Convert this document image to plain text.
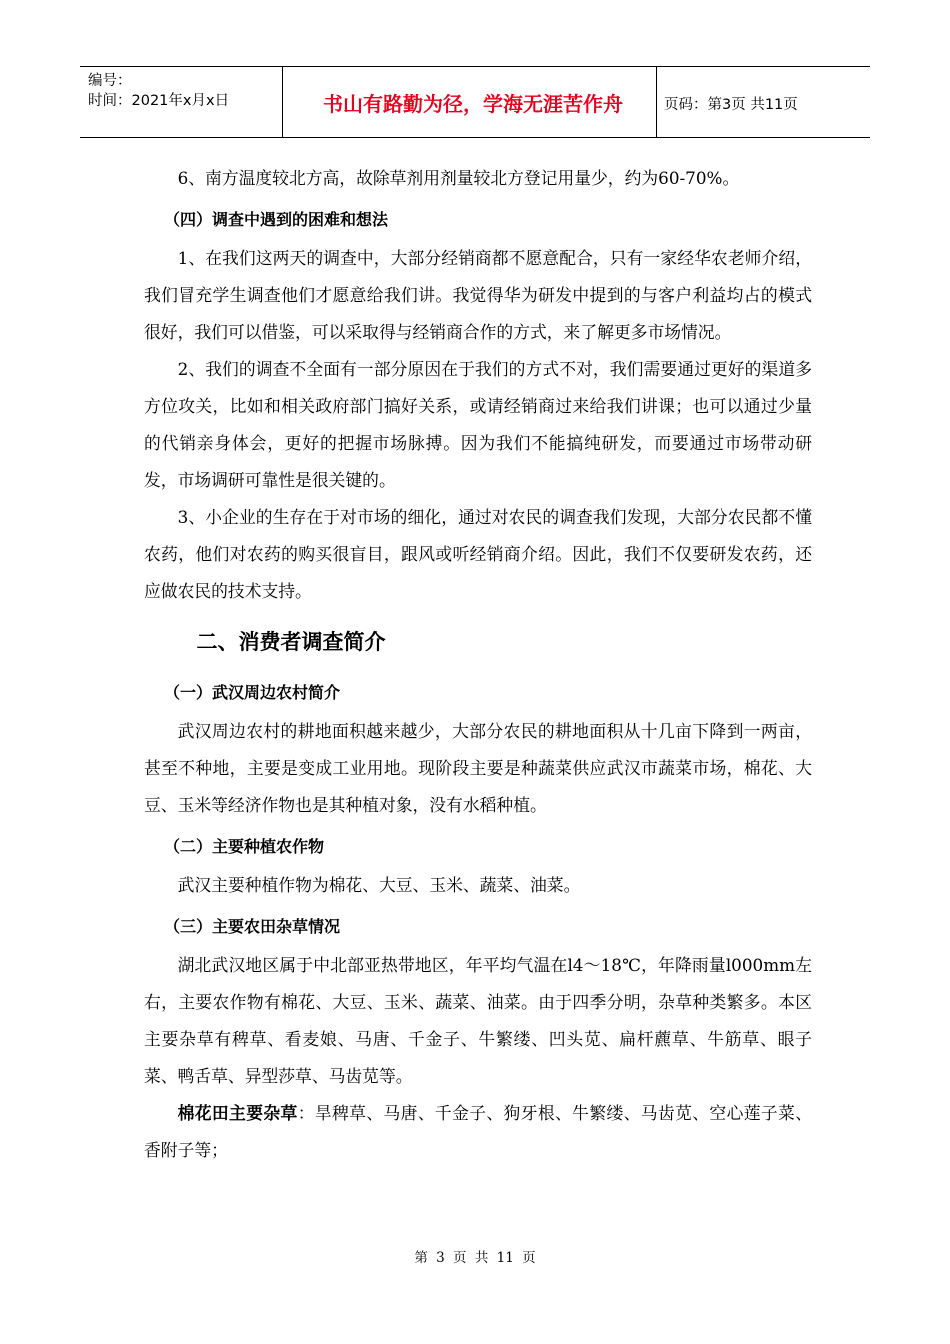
编号：
时间：2021年x月x日	书山有路勤为径，学海无涯苦作舟	页码：第3页 共11页

6、南方温度较北方高，故除草剂用剂量较北方登记用量少，约为60-70%。

（四）调查中遇到的困难和想法

1、在我们这两天的调查中，大部分经销商都不愿意配合，只有一家经华农老师介绍，我们冒充学生调查他们才愿意给我们讲。我觉得华为研发中提到的与客户利益均占的模式很好，我们可以借鉴，可以采取得与经销商合作的方式，来了解更多市场情况。

2、我们的调查不全面有一部分原因在于我们的方式不对，我们需要通过更好的渠道多方位攻关，比如和相关政府部门搞好关系，或请经销商过来给我们讲课；也可以通过少量的代销亲身体会，更好的把握市场脉搏。因为我们不能搞纯研发，而要通过市场带动研发，市场调研可靠性是很关键的。

3、小企业的生存在于对市场的细化，通过对农民的调查我们发现，大部分农民都不懂农药，他们对农药的购买很盲目，跟风或听经销商介绍。因此，我们不仅要研发农药，还应做农民的技术支持。

二、消费者调查简介
（一）武汉周边农村简介

武汉周边农村的耕地面积越来越少，大部分农民的耕地面积从十几亩下降到一两亩，甚至不种地，主要是变成工业用地。现阶段主要是种蔬菜供应武汉市蔬菜市场，棉花、大豆、玉米等经济作物也是其种植对象，没有水稻种植。

（二）主要种植农作物

武汉主要种植作物为棉花、大豆、玉米、蔬菜、油菜。

（三）主要农田杂草情况

湖北武汉地区属于中北部亚热带地区，年平均气温在l4～18℃，年降雨量l000mm左右，主要农作物有棉花、大豆、玉米、蔬菜、油菜。由于四季分明，杂草种类繁多。本区主要杂草有稗草、看麦娘、马唐、千金子、牛繁缕、凹头苋、扁杆藨草、牛筋草、眼子菜、鸭舌草、异型莎草、马齿苋等。

棉花田主要杂草：旱稗草、马唐、千金子、狗牙根、牛繁缕、马齿苋、空心莲子菜、香附子等；

第 3 页 共 11 页
